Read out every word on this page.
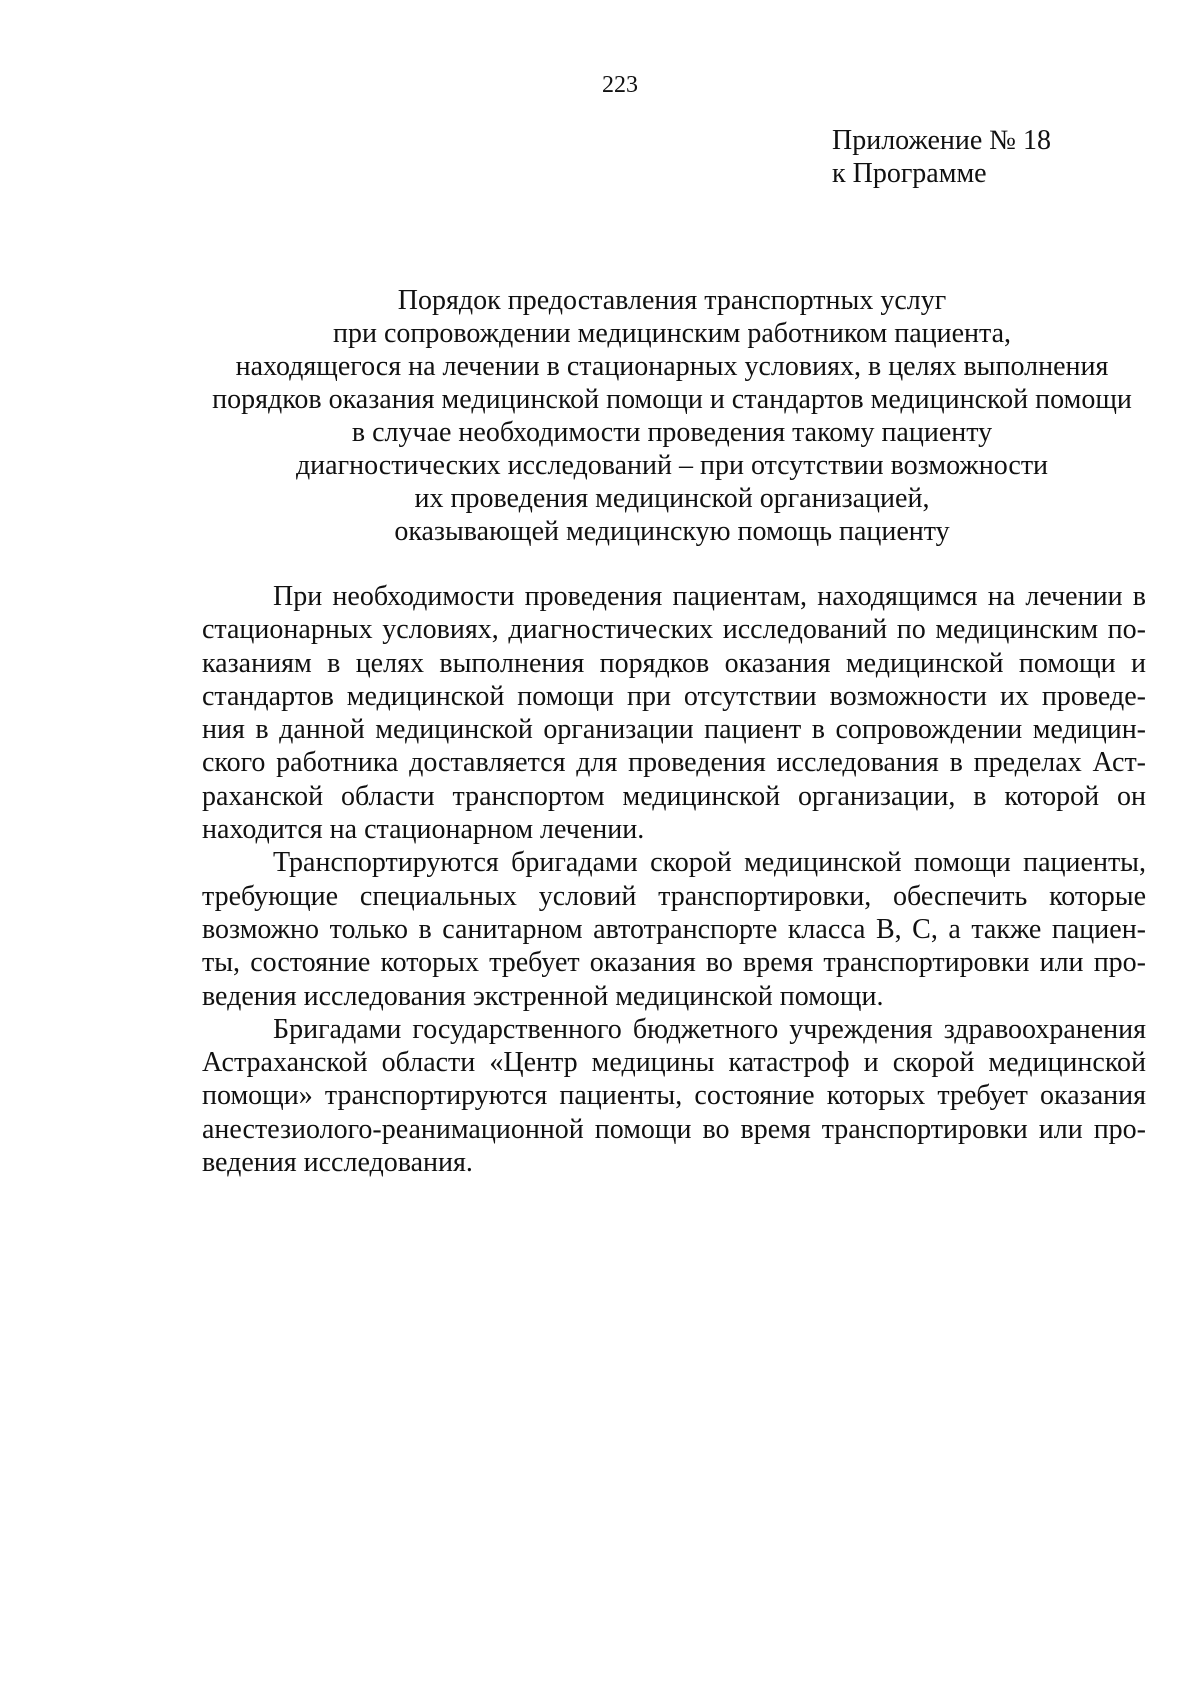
223
Приложение № 18
к Программе
Порядок предоставления транспортных услуг
при сопровождении медицинским работником пациента,
находящегося на лечении в стационарных условиях, в целях выполнения
порядков оказания медицинской помощи и стандартов медицинской помощи
в случае необходимости проведения такому пациенту
диагностических исследований – при отсутствии возможности
их проведения медицинской организацией,
оказывающей медицинскую помощь пациенту
При необходимости проведения пациентам, находящимся на лечении в
стационарных условиях, диагностических исследований по медицинским по-
казаниям в целях выполнения порядков оказания медицинской помощи и
стандартов медицинской помощи при отсутствии возможности их проведе-
ния в данной медицинской организации пациент в сопровождении медицин-
ского работника доставляется для проведения исследования в пределах Аст-
раханской области транспортом медицинской организации, в которой он
находится на стационарном лечении.
Транспортируются бригадами скорой медицинской помощи пациенты,
требующие специальных условий транспортировки, обеспечить которые
возможно только в санитарном автотранспорте класса В, С, а также пациен-
ты, состояние которых требует оказания во время транспортировки или про-
ведения исследования экстренной медицинской помощи.
Бригадами государственного бюджетного учреждения здравоохранения
Астраханской области «Центр медицины катастроф и скорой медицинской
помощи» транспортируются пациенты, состояние которых требует оказания
анестезиолого-реанимационной помощи во время транспортировки или про-
ведения исследования.
